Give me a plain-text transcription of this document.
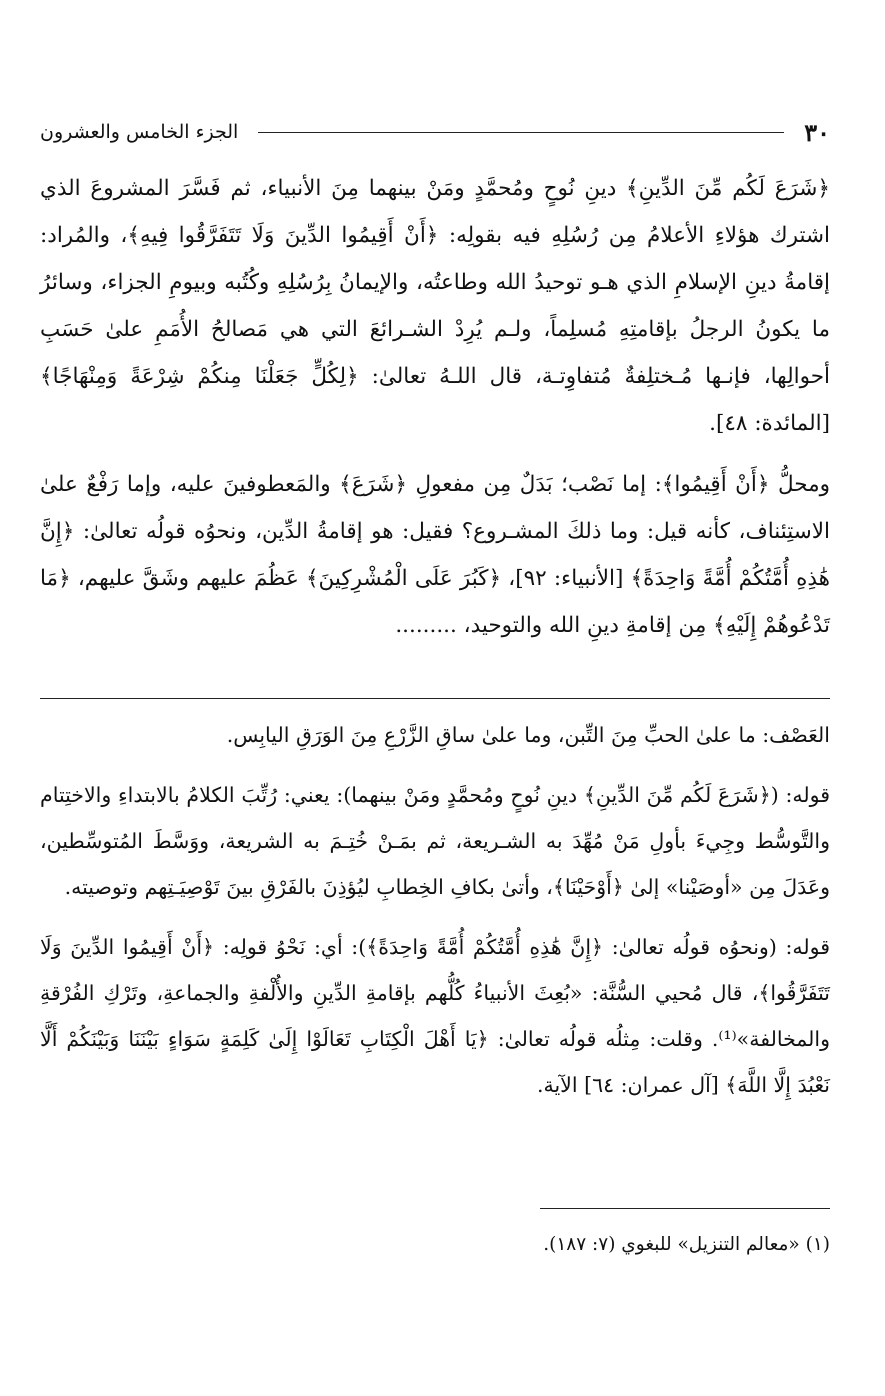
٣٠
الجزء الخامس والعشرون

﴿شَرَعَ لَكُم مِّنَ الدِّينِ﴾ دينِ نُوحٍ ومُحمَّدٍ ومَنْ بينهما مِنَ الأنبياء، ثم فَسَّرَ المشروعَ الذي اشترك هؤلاءِ الأعلامُ مِن رُسُلِهِ فيه بقولِه: ﴿أَنْ أَقِيمُوا الدِّينَ وَلَا تَتَفَرَّقُوا فِيهِ﴾، والمُراد: إقامةُ دينِ الإسلامِ الذي هـو توحيدُ الله وطاعتُه، والإيمانُ بِرُسُلِهِ وكُتُبه وبيومِ الجزاء، وسائرُ ما يكونُ الرجلُ بإقامتِهِ مُسلِماً، ولـم يُرِدْ الشـرائعَ التي هي مَصالحُ الأُمَمِ علىٰ حَسَبِ أحوالِها، فإنـها مُـختلِفةٌ مُتفاوِتـة، قال اللـهُ تعالىٰ: ﴿لِكُلٍّ جَعَلْنَا مِنكُمْ شِرْعَةً وَمِنْهَاجًا﴾ [المائدة: ٤٨].

ومحلُّ ﴿أَنْ أَقِيمُوا﴾: إما نَصْب؛ بَدَلٌ مِن مفعولِ ﴿شَرَعَ﴾ والمَعطوفينَ عليه، وإما رَفْعٌ علىٰ الاستِئناف، كأنه قيل: وما ذلكَ المشـروع؟ فقيل: هو إقامةُ الدِّين، ونحوُه قولُه تعالىٰ: ﴿إِنَّ هَٰذِهِ أُمَّتُكُمْ أُمَّةً وَاحِدَةً﴾ [الأنبياء: ٩٢]، ﴿كَبُرَ عَلَى الْمُشْرِكِينَ﴾ عَظُمَ عليهم وشَقَّ عليهم، ﴿مَا تَدْعُوهُمْ إِلَيْهِ﴾ مِن إقامةِ دينِ الله والتوحيد، .........

العَصْف: ما علىٰ الحبِّ مِنَ التِّبن، وما علىٰ ساقِ الزَّرْعِ مِنَ الوَرَقِ اليابِس.

قوله: (﴿شَرَعَ لَكُم مِّنَ الدِّينِ﴾ دينِ نُوحٍ ومُحمَّدٍ ومَنْ بينهما): يعني: رُتِّبَ الكلامُ بالابتداءِ والاختِتام والتَّوسُّط وجِيءَ بأولِ مَنْ مُهِّدَ به الشـريعة، ثم بمَـنْ خُتِـمَ به الشريعة، ووَسَّطَ المُتوسِّطين، وعَدَلَ مِن «أوصَيْنا» إلىٰ ﴿أَوْحَيْنَا﴾، وأتىٰ بكافِ الخِطابِ ليُؤذِنَ بالفَرْقِ بينَ تَوْصِيَـتِهم وتوصيته.

قوله: (ونحوُه قولُه تعالىٰ: ﴿إِنَّ هَٰذِهِ أُمَّتُكُمْ أُمَّةً وَاحِدَةً﴾): أي: نَحْوُ قولِه: ﴿أَنْ أَقِيمُوا الدِّينَ وَلَا تَتَفَرَّقُوا﴾، قال مُحيي السُّنَّة: «بُعِثَ الأنبياءُ كُلُّهم بإقامةِ الدِّينِ والأُلْفةِ والجماعةِ، وتَرْكِ الفُرْقةِ والمخالفة»⁽¹⁾. وقلت: مِثلُه قولُه تعالىٰ: ﴿يَا أَهْلَ الْكِتَابِ تَعَالَوْا إِلَىٰ كَلِمَةٍ سَوَاءٍ بَيْنَنَا وَبَيْنَكُمْ أَلَّا نَعْبُدَ إِلَّا اللَّهَ﴾ [آل عمران: ٦٤] الآية.

(١) «معالم التنزيل» للبغوي (٧: ١٨٧).
